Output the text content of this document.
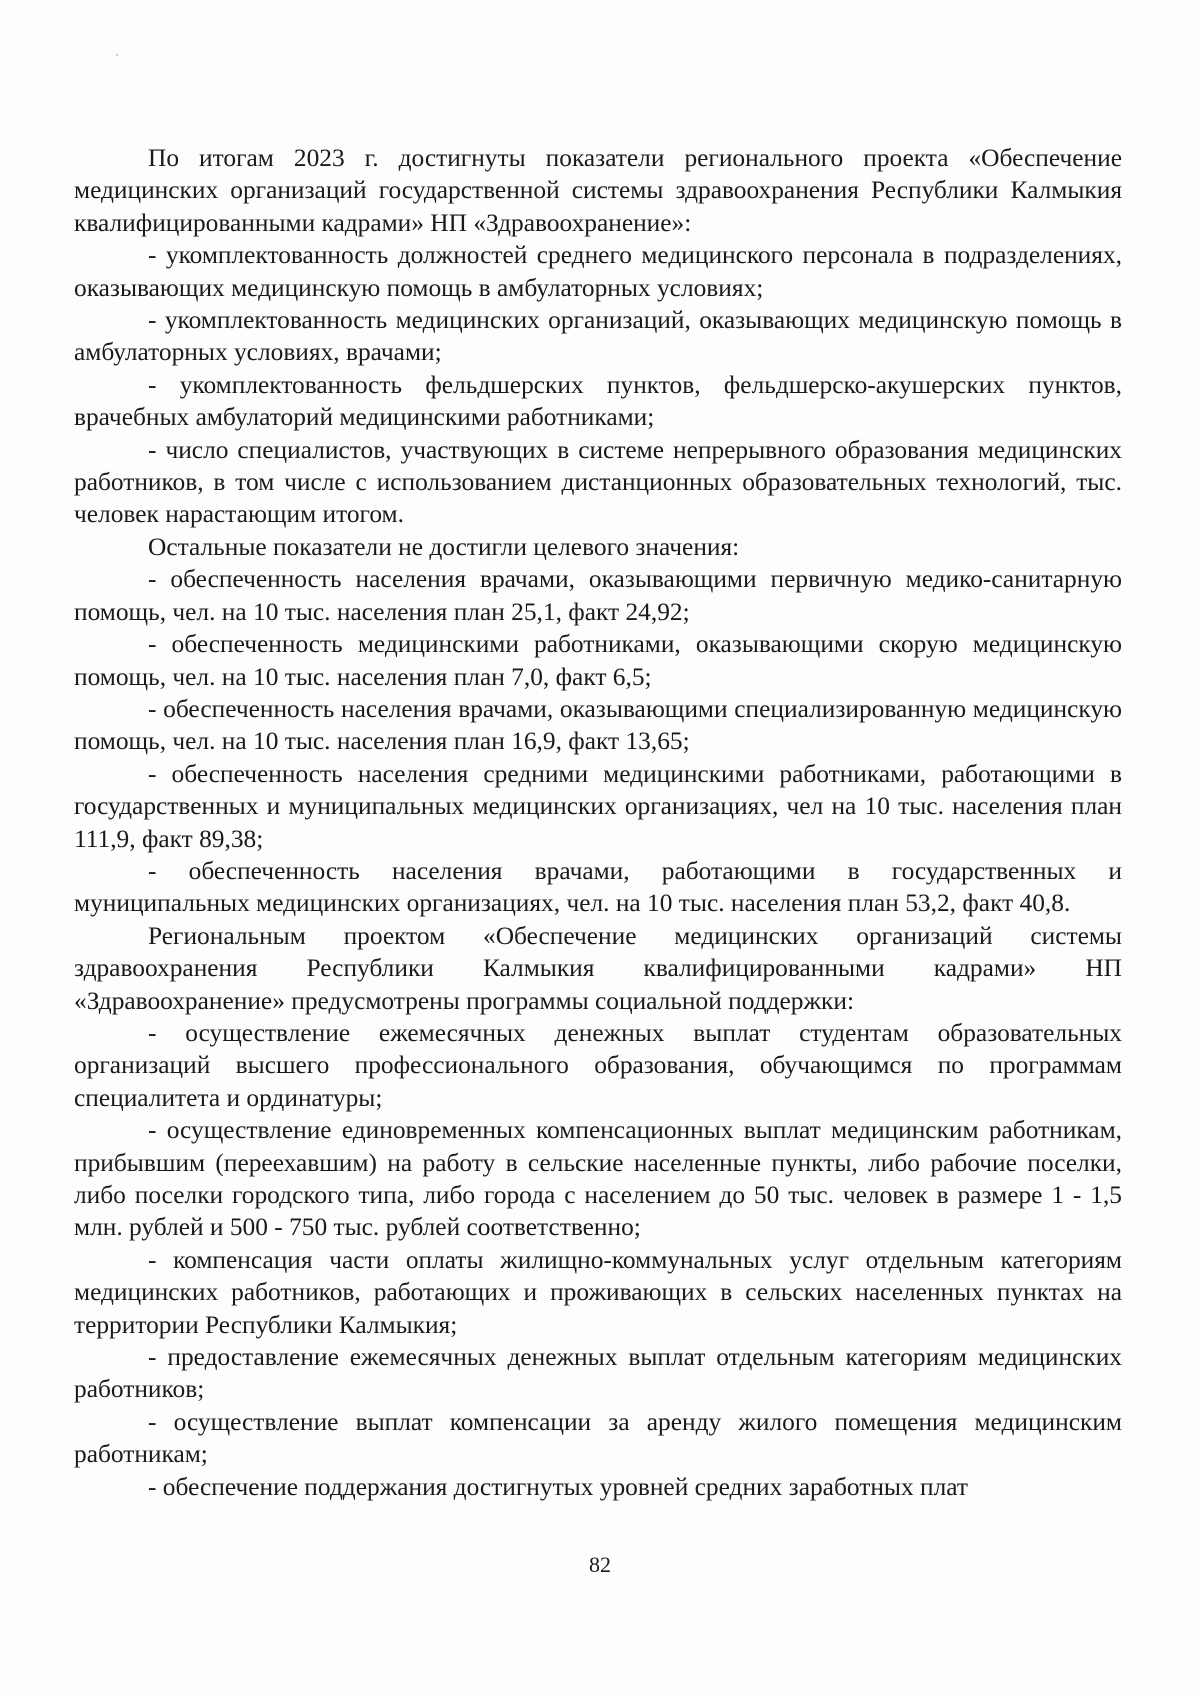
По итогам 2023 г. достигнуты показатели регионального проекта «Обеспечение медицинских организаций государственной системы здравоохранения Республики Калмыкия квалифицированными кадрами» НП «Здравоохранение»:

- укомплектованность должностей среднего медицинского персонала в подразделениях, оказывающих медицинскую помощь в амбулаторных условиях;

- укомплектованность медицинских организаций, оказывающих медицинскую помощь в амбулаторных условиях, врачами;

- укомплектованность фельдшерских пунктов, фельдшерско-акушерских пунктов, врачебных амбулаторий медицинскими работниками;

- число специалистов, участвующих в системе непрерывного образования медицинских работников, в том числе с использованием дистанционных образовательных технологий, тыс. человек нарастающим итогом.

Остальные показатели не достигли целевого значения:

- обеспеченность населения врачами, оказывающими первичную медико-санитарную помощь, чел. на 10 тыс. населения план 25,1, факт 24,92;

- обеспеченность медицинскими работниками, оказывающими скорую медицинскую помощь, чел. на 10 тыс. населения план 7,0, факт 6,5;

- обеспеченность населения врачами, оказывающими специализированную медицинскую помощь, чел. на 10 тыс. населения план 16,9, факт 13,65;

- обеспеченность населения средними медицинскими работниками, работающими в государственных и муниципальных медицинских организациях, чел на 10 тыс. населения план 111,9, факт 89,38;

- обеспеченность населения врачами, работающими в государственных и муниципальных медицинских организациях, чел. на 10 тыс. населения план 53,2, факт 40,8.

Региональным проектом «Обеспечение медицинских организаций системы здравоохранения Республики Калмыкия квалифицированными кадрами» НП «Здравоохранение» предусмотрены программы социальной поддержки:

- осуществление ежемесячных денежных выплат студентам образовательных организаций высшего профессионального образования, обучающимся по программам специалитета и ординатуры;

- осуществление единовременных компенсационных выплат медицинским работникам, прибывшим (переехавшим) на работу в сельские населенные пункты, либо рабочие поселки, либо поселки городского типа, либо города с населением до 50 тыс. человек в размере 1 - 1,5 млн. рублей и 500 - 750 тыс. рублей соответственно;

- компенсация части оплаты жилищно-коммунальных услуг отдельным категориям медицинских работников, работающих и проживающих в сельских населенных пунктах на территории Республики Калмыкия;

- предоставление ежемесячных денежных выплат отдельным категориям медицинских работников;

- осуществление выплат компенсации за аренду жилого помещения медицинским работникам;

- обеспечение поддержания достигнутых уровней средних заработных плат

82
